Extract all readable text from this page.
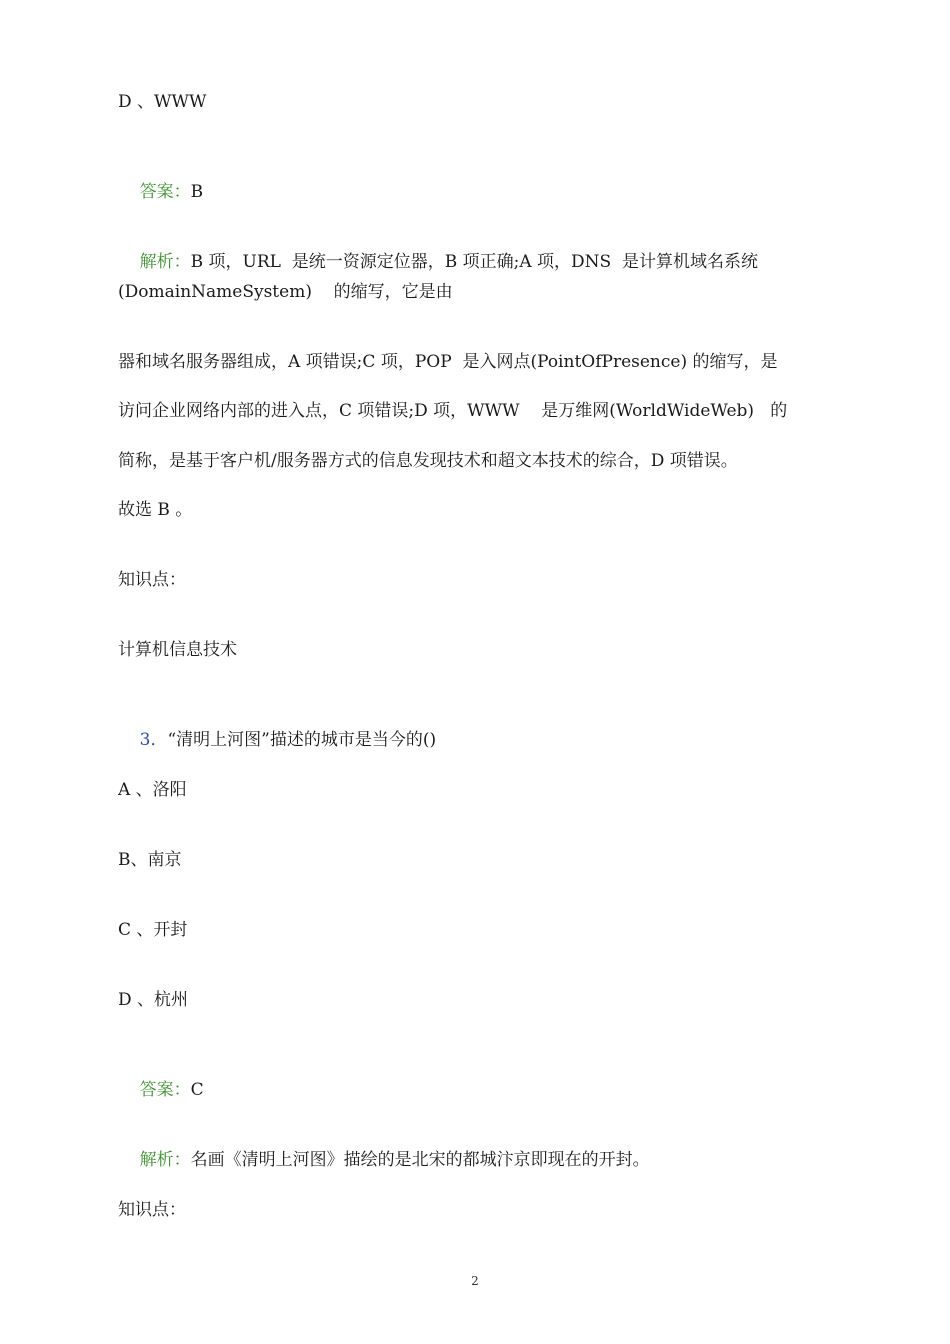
D 、WWW

答案：B

解析：B 项，URL  是统一资源定位器，B 项正确;A 项，DNS  是计算机域名系统

(DomainNameSystem)    的缩写，它是由
器和域名服务器组成，A 项错误;C 项，POP  是入网点(PointOfPresence) 的缩写，是
访问企业网络内部的进入点，C 项错误;D 项，WWW    是万维网(WorldWideWeb)   的
简称，是基于客户机/服务器方式的信息发现技术和超文本技术的综合，D 项错误。
故选 B 。
知识点：
计算机信息技术

3．“清明上河图”描述的城市是当今的()

A 、洛阳
B、南京
C 、开封
D 、杭州

答案：C

解析：名画《清明上河图》描绘的是北宋的都城汴京即现在的开封。

知识点：
2
